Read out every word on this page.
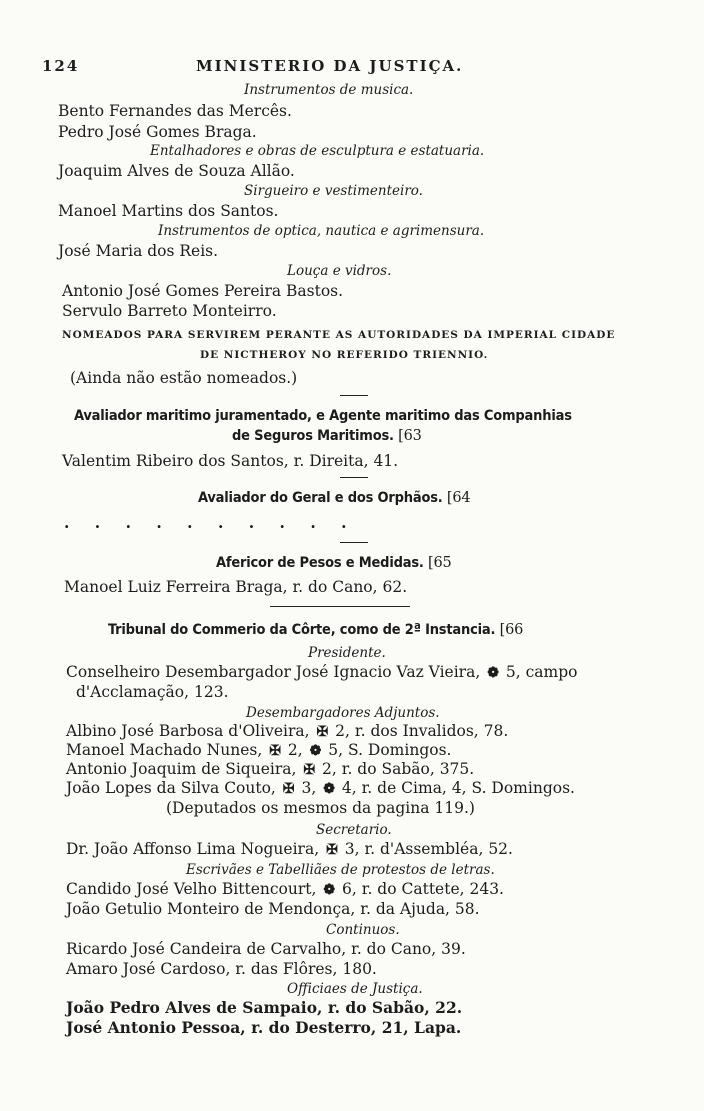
124	MINISTERIO DA JUSTIÇA.
Instrumentos de musica.
Bento Fernandes das Mercês.
Pedro José Gomes Braga.
Entalhadores e obras de esculptura e estatuaria.
Joaquim Alves de Souza Allão.
Sirgueiro e vestimenteiro.
Manoel Martins dos Santos.
Instrumentos de optica, nautica e agrimensura.
José Maria dos Reis.
Louça e vidros.
Antonio José Gomes Pereira Bastos.
Servulo Barreto Monteirro.
NOMEADOS PARA SERVIREM PERANTE AS AUTORIDADES DA IMPERIAL CIDADE
DE NICTHEROY NO REFERIDO TRIENNIO.
(Ainda não estão nomeados.)
Avaliador maritimo juramentado, e Agente maritimo das Companhias
de Seguros Maritimos. [63
Valentim Ribeiro dos Santos, r. Direita, 41.
Avaliador do Geral e dos Orphãos. [64
. . . . . . . . . .
Afericor de Pesos e Medidas. [65
Manoel Luiz Ferreira Braga, r. do Cano, 62.
Tribunal do Commerio da Côrte, como de 2ª Instancia. [66
Presidente.
Conselheiro Desembargador José Ignacio Vaz Vieira, ❁ 5, campo
d'Acclamação, 123.
Desembargadores Adjuntos.
Albino José Barbosa d'Oliveira, ✠ 2, r. dos Invalidos, 78.
Manoel Machado Nunes, ✠ 2, ❁ 5, S. Domingos.
Antonio Joaquim de Siqueira, ✠ 2, r. do Sabão, 375.
João Lopes da Silva Couto, ✠ 3, ❁ 4, r. de Cima, 4, S. Domingos.
(Deputados os mesmos da pagina 119.)
Secretario.
Dr. João Affonso Lima Nogueira, ✠ 3, r. d'Assembléa, 52.
Escrivães e Tabelliães de protestos de letras.
Candido José Velho Bittencourt, ❁ 6, r. do Cattete, 243.
João Getulio Monteiro de Mendonça, r. da Ajuda, 58.
Continuos.
Ricardo José Candeira de Carvalho, r. do Cano, 39.
Amaro José Cardoso, r. das Flôres, 180.
Officiaes de Justiça.
João Pedro Alves de Sampaio, r. do Sabão, 22.
José Antonio Pessoa, r. do Desterro, 21, Lapa.
